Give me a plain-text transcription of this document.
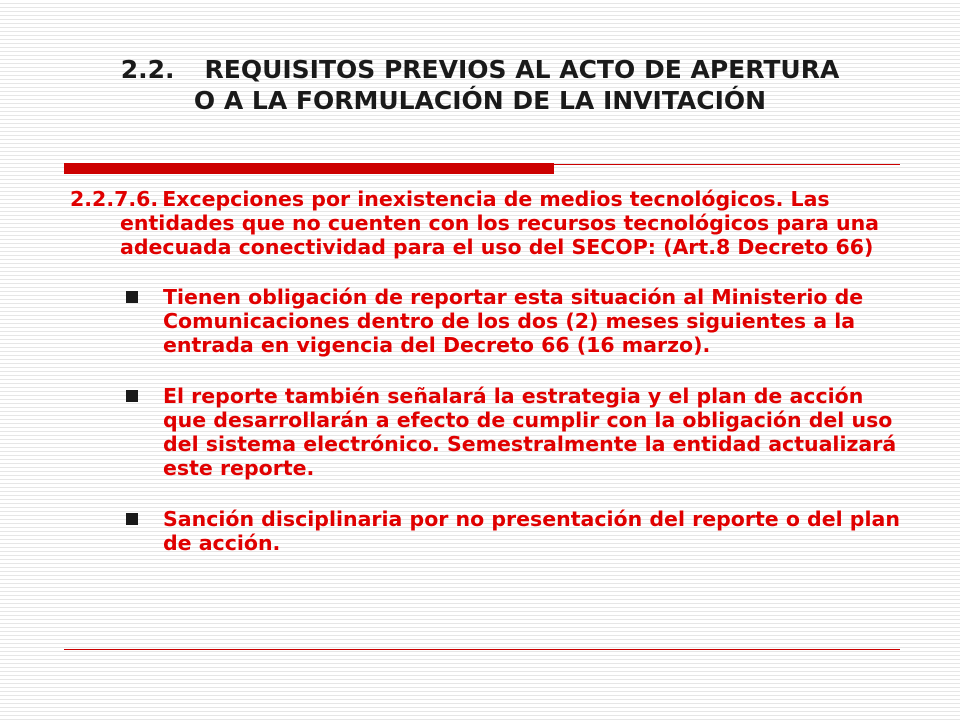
2.2. REQUISITOS PREVIOS AL ACTO DE APERTURA O A LA FORMULACIÓN DE LA INVITACIÓN

2.2.7.6. Excepciones por inexistencia de medios tecnológicos. Las entidades que no cuenten con los recursos tecnológicos para una adecuada conectividad para el uso del SECOP: (Art.8 Decreto 66)

Tienen obligación de reportar esta situación al Ministerio de Comunicaciones dentro de los dos (2) meses siguientes a la entrada en vigencia del Decreto 66 (16 marzo).
El reporte también señalará la estrategia y el plan de acción que desarrollarán a efecto de cumplir con la obligación del uso del sistema electrónico. Semestralmente la entidad actualizará este reporte.
Sanción disciplinaria por no presentación del reporte o del plan de acción.
